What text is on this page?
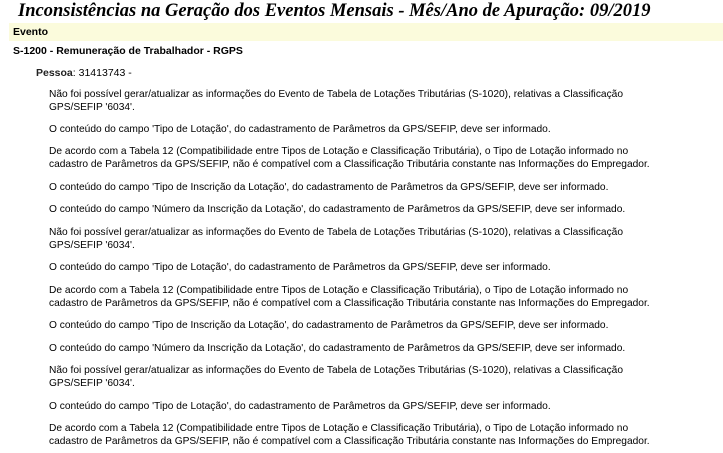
Inconsistências na Geração dos Eventos Mensais - Mês/Ano de Apuração: 09/2019
Evento
S-1200 - Remuneração de Trabalhador - RGPS
Pessoa: 31413743 -
Não foi possível gerar/atualizar as informações do Evento de Tabela de Lotações Tributárias (S-1020), relativas a Classificação
GPS/SEFIP '6034'.
O conteúdo do campo 'Tipo de Lotação', do cadastramento de Parâmetros da GPS/SEFIP, deve ser informado.
De acordo com a Tabela 12 (Compatibilidade entre Tipos de Lotação e Classificação Tributária), o Tipo de Lotação informado no
cadastro de Parâmetros da GPS/SEFIP, não é compatível com a Classificação Tributária constante nas Informações do Empregador.
O conteúdo do campo 'Tipo de Inscrição da Lotação', do cadastramento de Parâmetros da GPS/SEFIP, deve ser informado.
O conteúdo do campo 'Número da Inscrição da Lotação', do cadastramento de Parâmetros da GPS/SEFIP, deve ser informado.
Não foi possível gerar/atualizar as informações do Evento de Tabela de Lotações Tributárias (S-1020), relativas a Classificação
GPS/SEFIP '6034'.
O conteúdo do campo 'Tipo de Lotação', do cadastramento de Parâmetros da GPS/SEFIP, deve ser informado.
De acordo com a Tabela 12 (Compatibilidade entre Tipos de Lotação e Classificação Tributária), o Tipo de Lotação informado no
cadastro de Parâmetros da GPS/SEFIP, não é compatível com a Classificação Tributária constante nas Informações do Empregador.
O conteúdo do campo 'Tipo de Inscrição da Lotação', do cadastramento de Parâmetros da GPS/SEFIP, deve ser informado.
O conteúdo do campo 'Número da Inscrição da Lotação', do cadastramento de Parâmetros da GPS/SEFIP, deve ser informado.
Não foi possível gerar/atualizar as informações do Evento de Tabela de Lotações Tributárias (S-1020), relativas a Classificação
GPS/SEFIP '6034'.
O conteúdo do campo 'Tipo de Lotação', do cadastramento de Parâmetros da GPS/SEFIP, deve ser informado.
De acordo com a Tabela 12 (Compatibilidade entre Tipos de Lotação e Classificação Tributária), o Tipo de Lotação informado no
cadastro de Parâmetros da GPS/SEFIP, não é compatível com a Classificação Tributária constante nas Informações do Empregador.
